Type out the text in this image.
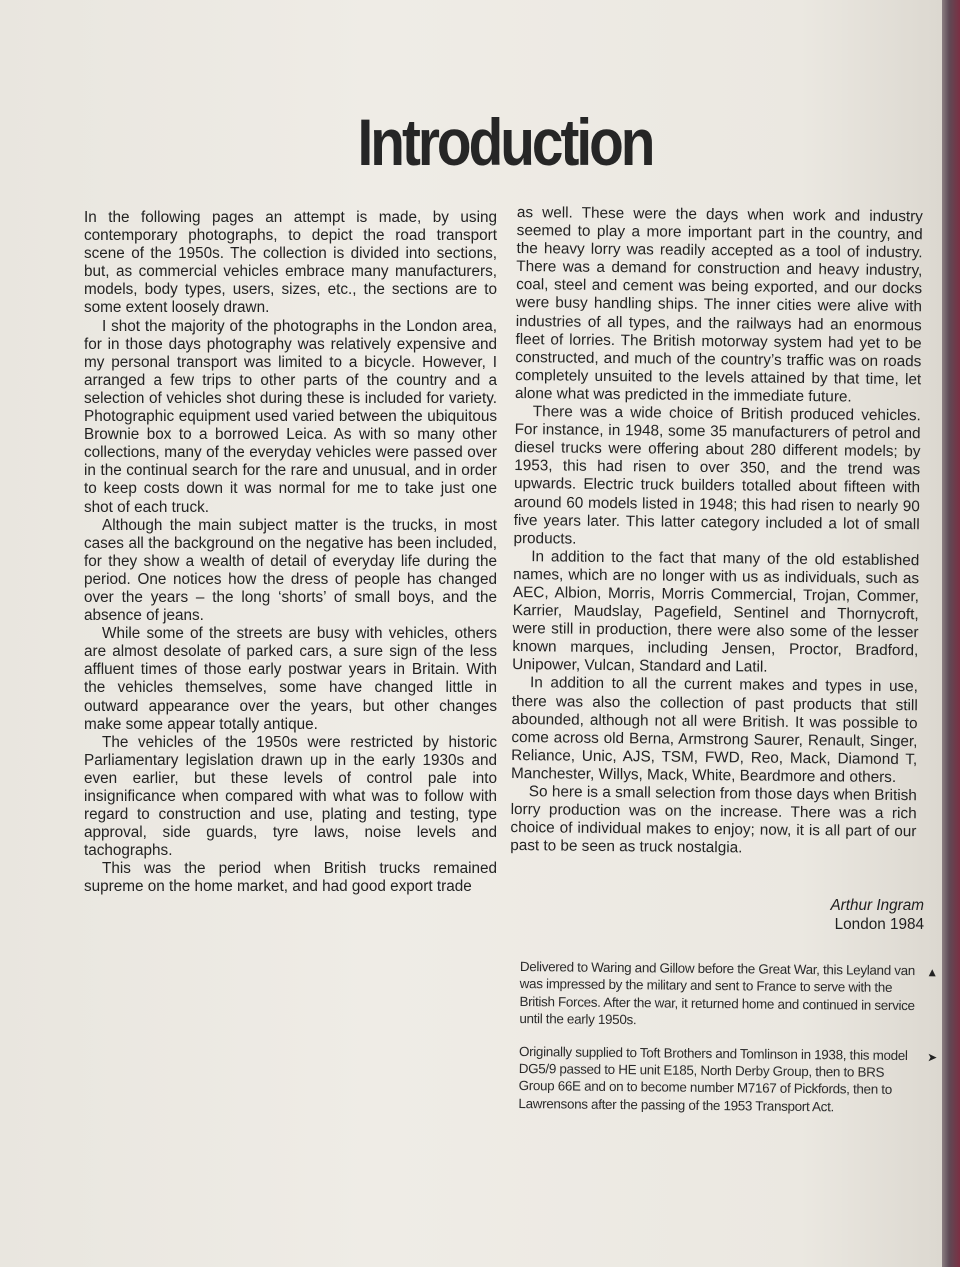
Introduction

In the following pages an attempt is made, by using contemporary photographs, to depict the road transport scene of the 1950s. The collection is divided into sections, but, as commercial vehicles embrace many manufacturers, models, body types, users, sizes, etc., the sections are to some extent loosely drawn.

I shot the majority of the photographs in the London area, for in those days photography was relatively expensive and my personal transport was limited to a bicycle. However, I arranged a few trips to other parts of the country and a selection of vehicles shot during these is included for variety. Photographic equipment used varied between the ubiquitous Brownie box to a borrowed Leica. As with so many other collections, many of the everyday vehicles were passed over in the continual search for the rare and unusual, and in order to keep costs down it was normal for me to take just one shot of each truck.

Although the main subject matter is the trucks, in most cases all the background on the negative has been included, for they show a wealth of detail of everyday life during the period. One notices how the dress of people has changed over the years – the long ‘shorts’ of small boys, and the absence of jeans.

While some of the streets are busy with vehicles, others are almost desolate of parked cars, a sure sign of the less affluent times of those early postwar years in Britain. With the vehicles themselves, some have changed little in outward appearance over the years, but other changes make some appear totally antique.

The vehicles of the 1950s were restricted by historic Parliamentary legislation drawn up in the early 1930s and even earlier, but these levels of control pale into insignificance when compared with what was to follow with regard to construction and use, plating and testing, type approval, side guards, tyre laws, noise levels and tachographs.

This was the period when British trucks remained supreme on the home market, and had good export trade

as well. These were the days when work and industry seemed to play a more important part in the country, and the heavy lorry was readily accepted as a tool of industry. There was a demand for construction and heavy industry, coal, steel and cement was being exported, and our docks were busy handling ships. The inner cities were alive with industries of all types, and the railways had an enormous fleet of lorries. The British motorway system had yet to be constructed, and much of the country’s traffic was on roads completely unsuited to the levels attained by that time, let alone what was predicted in the immediate future.

There was a wide choice of British produced vehicles. For instance, in 1948, some 35 manufacturers of petrol and diesel trucks were offering about 280 different models; by 1953, this had risen to over 350, and the trend was upwards. Electric truck builders totalled about fifteen with around 60 models listed in 1948; this had risen to nearly 90 five years later. This latter category included a lot of small products.

In addition to the fact that many of the old established names, which are no longer with us as individuals, such as AEC, Albion, Morris, Morris Commercial, Trojan, Commer, Karrier, Maudslay, Pagefield, Sentinel and Thornycroft, were still in production, there were also some of the lesser known marques, including Jensen, Proctor, Bradford, Unipower, Vulcan, Standard and Latil.

In addition to all the current makes and types in use, there was also the collection of past products that still abounded, although not all were British. It was possible to come across old Berna, Armstrong Saurer, Renault, Singer, Reliance, Unic, AJS, TSM, FWD, Reo, Mack, Diamond T, Manchester, Willys, Mack, White, Beardmore and others.

So here is a small selection from those days when British lorry production was on the increase. There was a rich choice of individual makes to enjoy; now, it is all part of our past to be seen as truck nostalgia.

Arthur Ingram
London 1984
Delivered to Waring and Gillow before the Great War, this Leyland van was impressed by the military and sent to France to serve with the British Forces. After the war, it returned home and continued in service until the early 1950s.
▲
Originally supplied to Toft Brothers and Tomlinson in 1938, this model DG5/9 passed to HE unit E185, North Derby Group, then to BRS Group 66E and on to become number M7167 of Pickfords, then to Lawrensons after the passing of the 1953 Transport Act.
➤
